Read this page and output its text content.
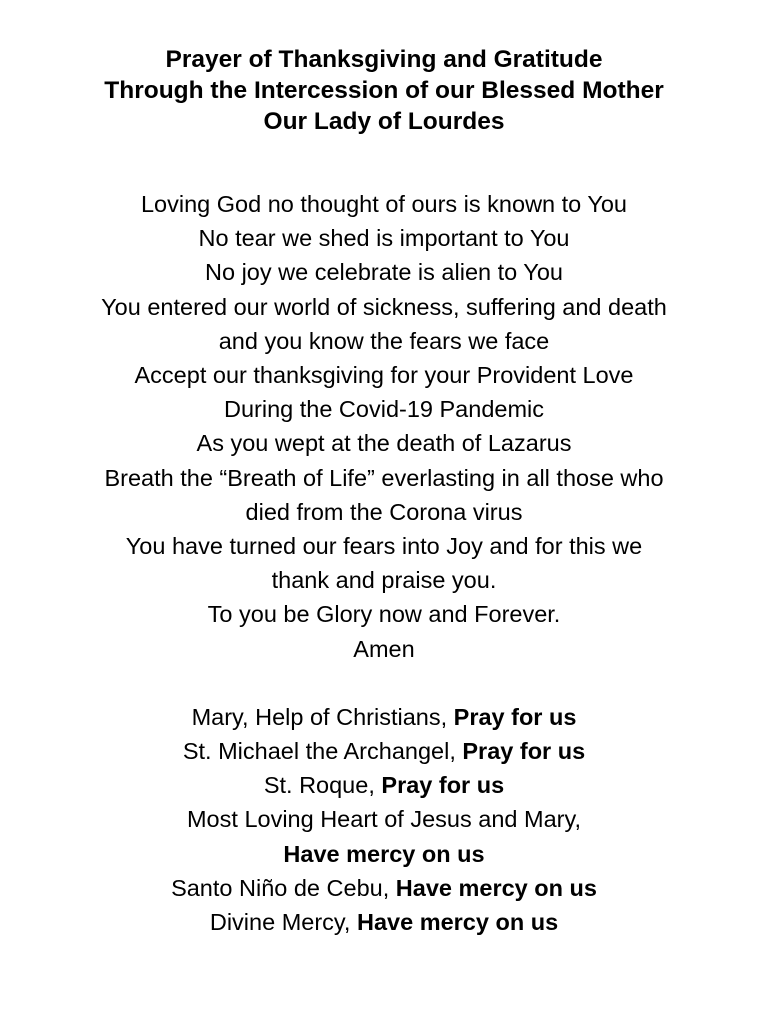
Prayer of Thanksgiving and Gratitude
Through the Intercession of our Blessed Mother
Our Lady of Lourdes
Loving God no thought of ours is known to You
No tear we shed is important to You
No joy we celebrate is alien to You
You entered our world of sickness, suffering and death
and you know the fears we face
Accept our thanksgiving for your Provident Love
During the Covid-19 Pandemic
As you wept at the death of Lazarus
Breath the “Breath of Life” everlasting in all those who
died from the Corona virus
You have turned our fears into Joy and for this we
thank and praise you.
To you be Glory now and Forever.
Amen
Mary, Help of Christians, Pray for us
St. Michael the Archangel, Pray for us
St. Roque, Pray for us
Most Loving Heart of Jesus and Mary,
Have mercy on us
Santo Niño de Cebu, Have mercy on us
Divine Mercy, Have mercy on us
